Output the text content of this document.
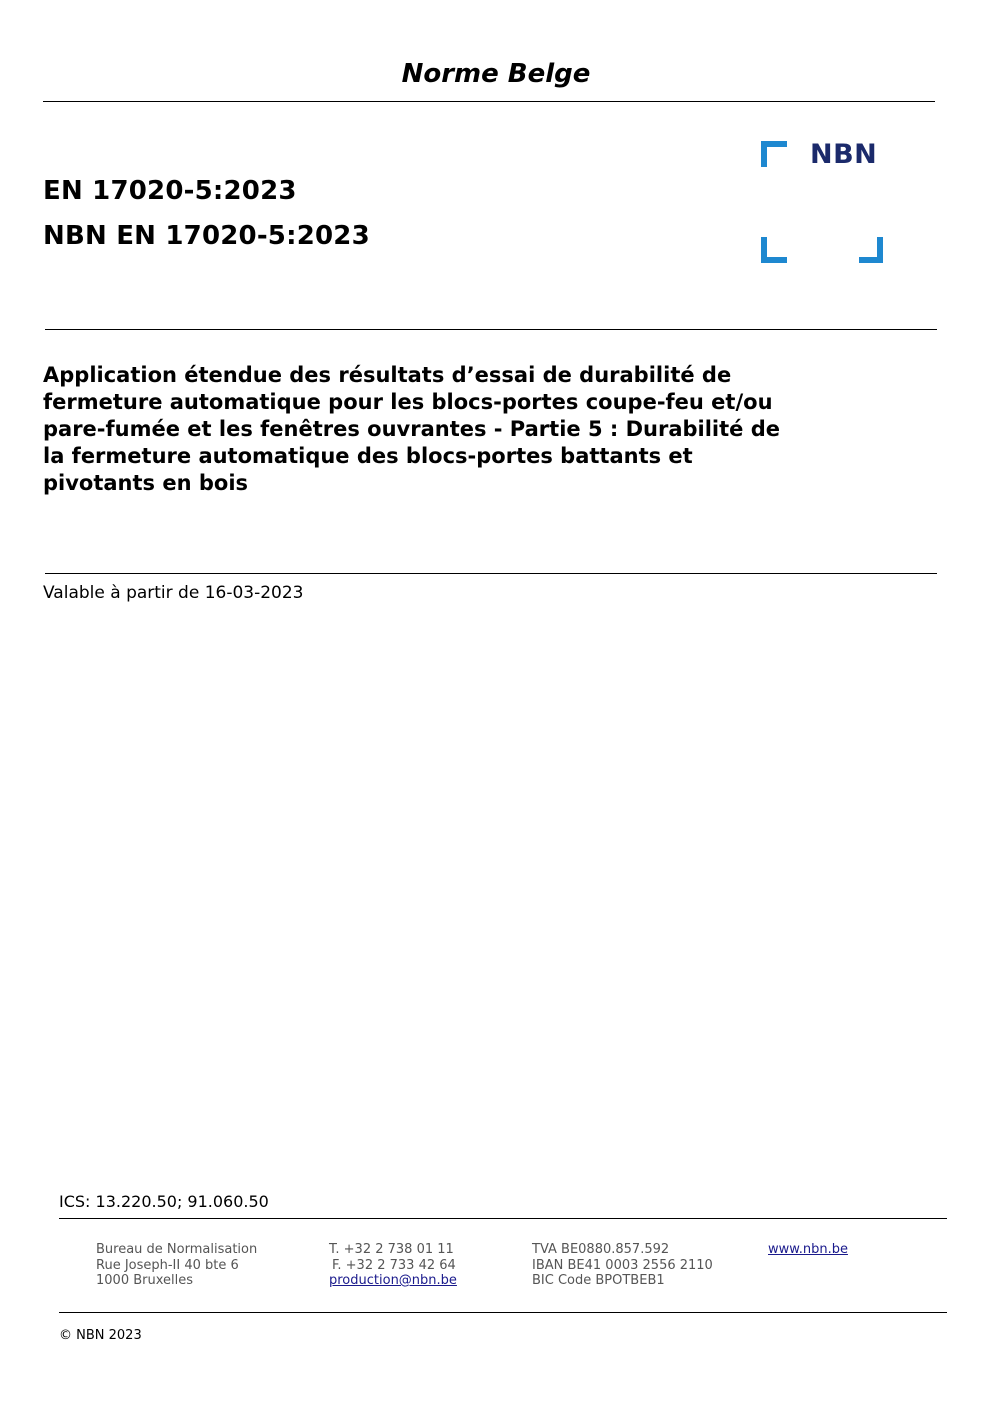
Norme Belge
EN 17020-5:2023
NBN EN 17020-5:2023
NBN
Application étendue des résultats d’essai de durabilité de
fermeture automatique pour les blocs-portes coupe-feu et/ou
pare-fumée et les fenêtres ouvrantes - Partie 5 : Durabilité de
la fermeture automatique des blocs-portes battants et
pivotants en bois
Valable à partir de 16-03-2023
ICS: 13.220.50; 91.060.50
Bureau de Normalisation
Rue Joseph-II 40 bte 6
1000 Bruxelles
T. +32 2 738 01 11
F. +32 2 733 42 64
production@nbn.be
TVA BE0880.857.592
IBAN BE41 0003 2556 2110
BIC Code BPOTBEB1
www.nbn.be
© NBN 2023
